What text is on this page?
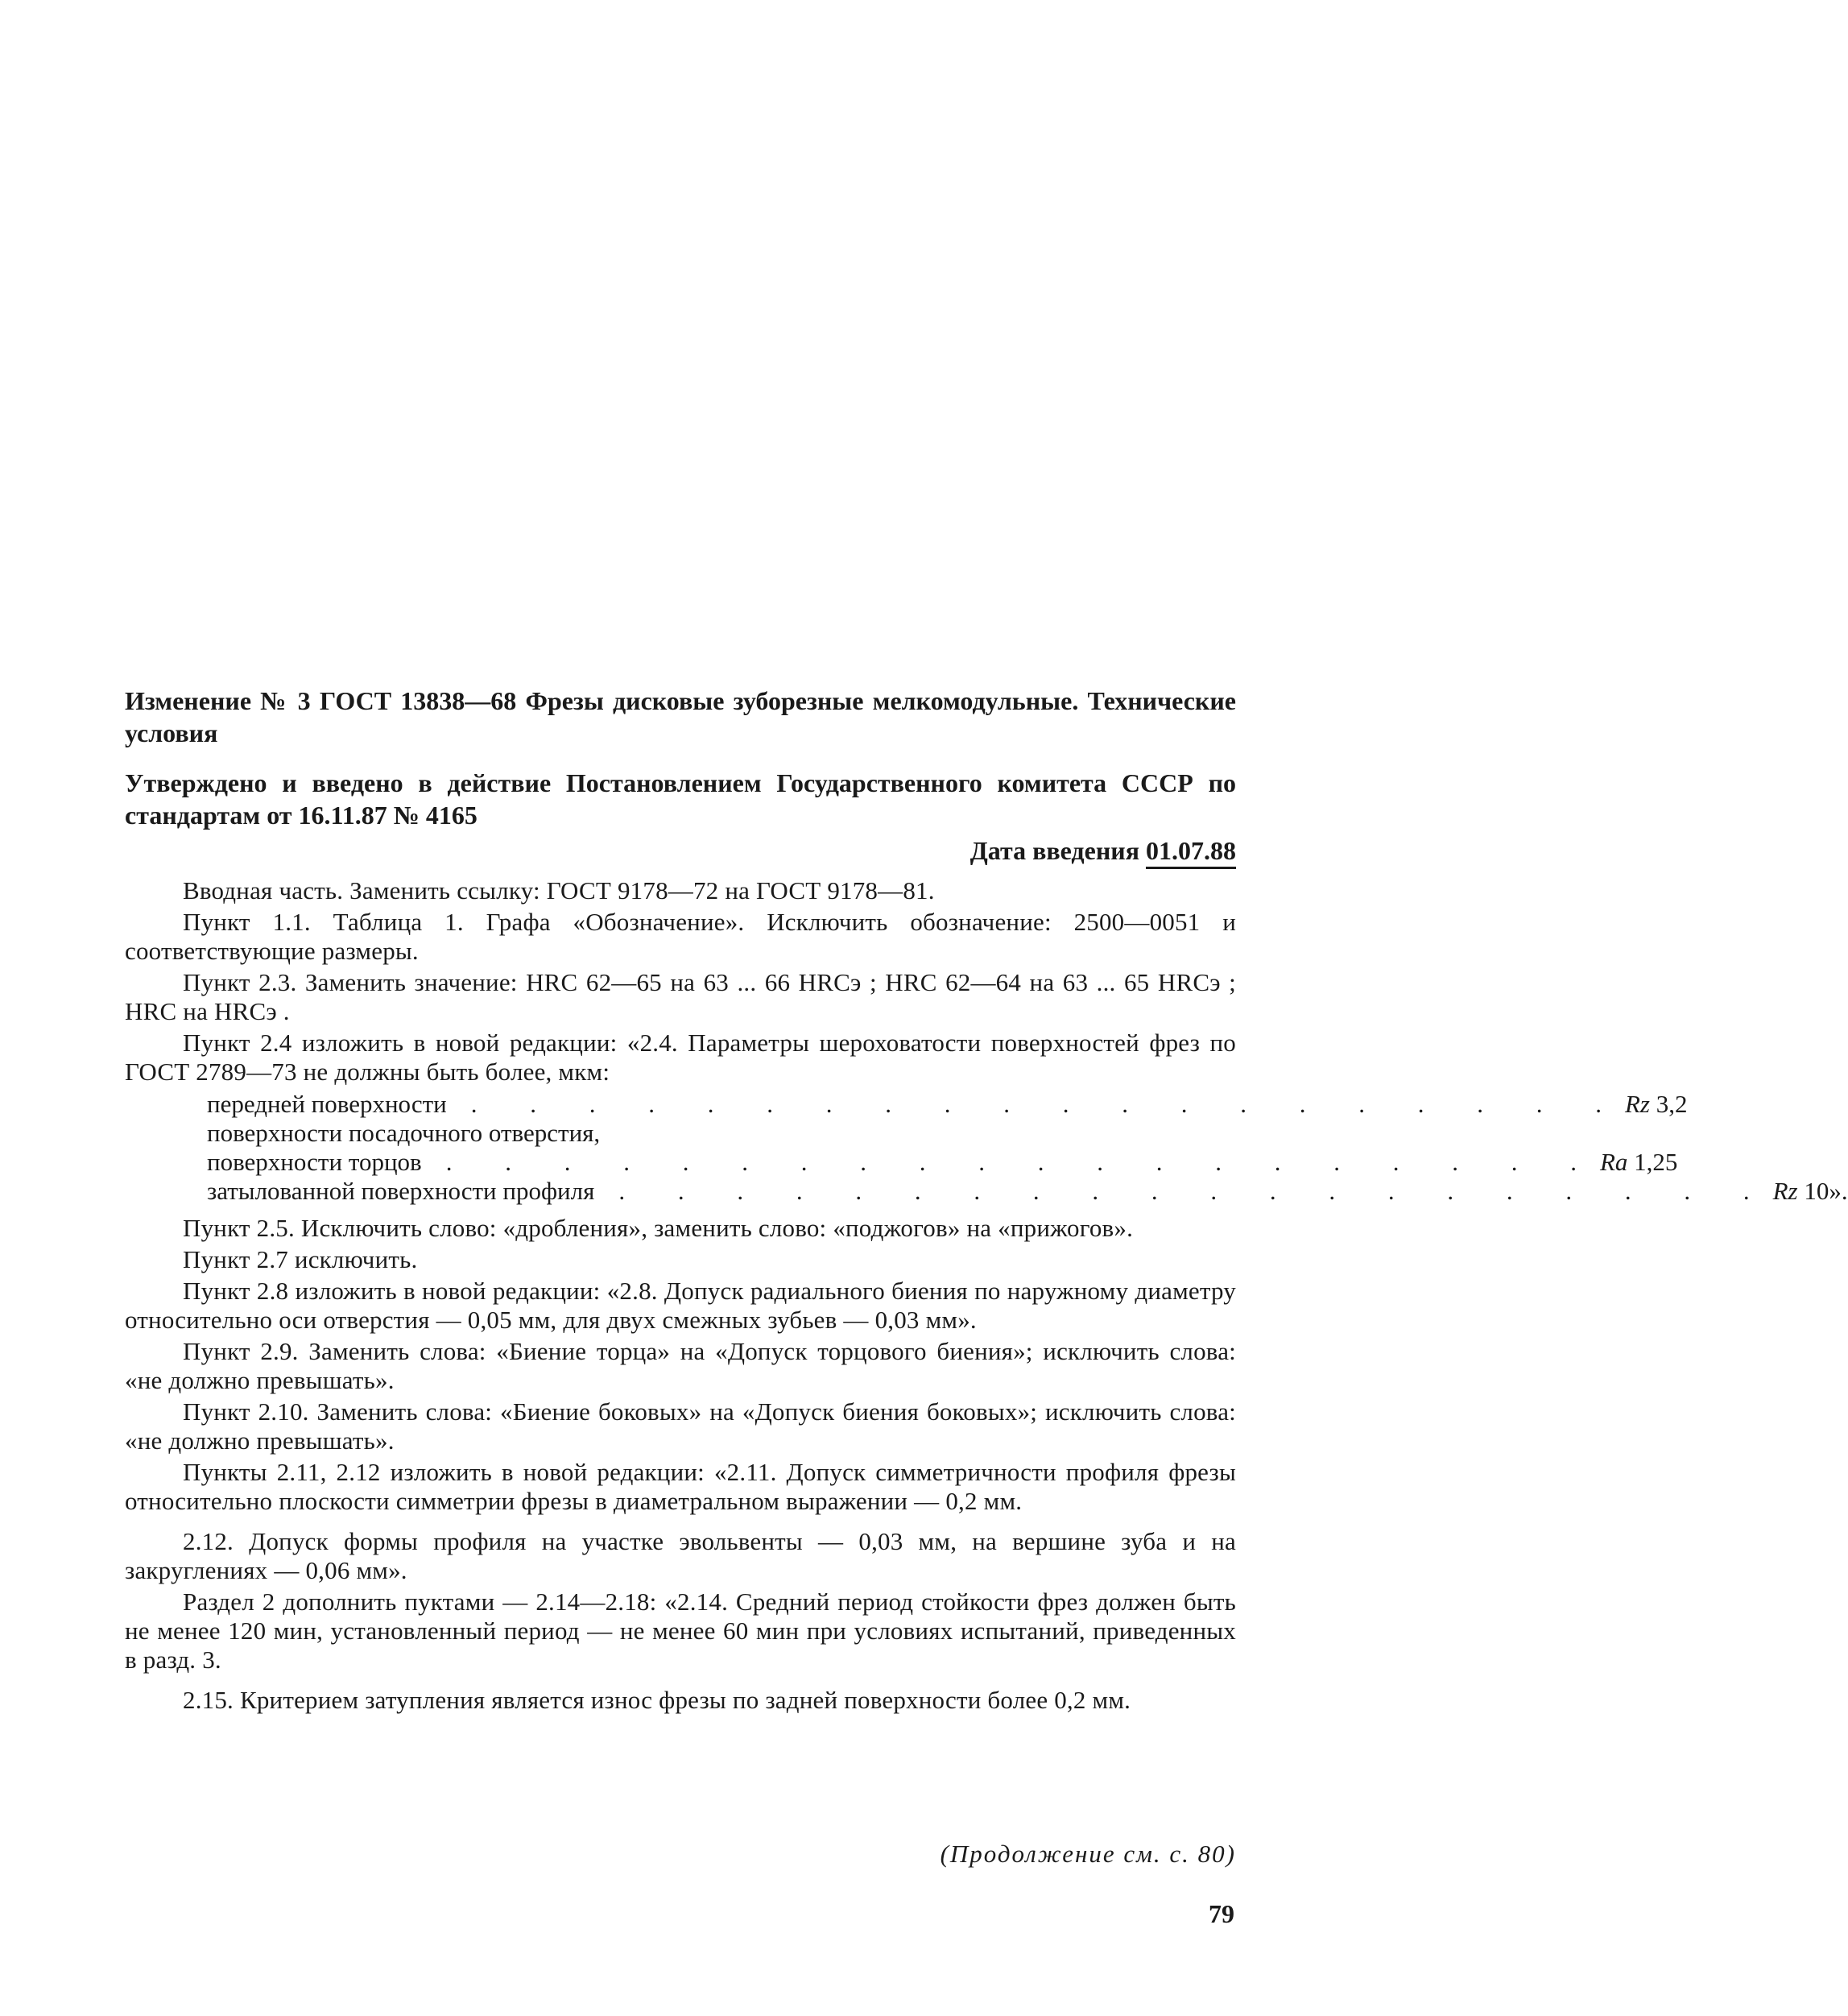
Изменение № 3 ГОСТ 13838—68 Фрезы дисковые зуборезные мелкомодульные. Технические условия

Утверждено и введено в действие Постановлением Государственного комитета СССР по стандартам от 16.11.87 № 4165

Дата введения 01.07.88

Вводная часть. Заменить ссылку: ГОСТ 9178—72 на ГОСТ 9178—81.

Пункт 1.1. Таблица 1. Графа «Обозначение». Исключить обозначение: 2500—0051 и соответствующие размеры.

Пункт 2.3. Заменить значение: HRC 62—65 на 63 ... 66 HRCэ ; HRC 62—64 на 63 ... 65 HRCэ ; HRC на HRCэ .

Пункт 2.4 изложить в новой редакции: «2.4. Параметры шероховатости поверхностей фрез по ГОСТ 2789—73 не должны быть более, мкм:

передней поверхности . . . . . . . . . . . . . . . . . . . . Rz 3,2
поверхности посадочного отверстия,
поверхности торцов . . . . . . . . . . . . . . . . . . . . Ra 1,25
затылованной поверхности профиля . . . . . . . . . . . . . . . . . . . . Rz 10».

Пункт 2.5. Исключить слово: «дробления», заменить слово: «поджогов» на «прижогов».

Пункт 2.7 исключить.

Пункт 2.8 изложить в новой редакции: «2.8. Допуск радиального биения по наружному диаметру относительно оси отверстия — 0,05 мм, для двух смежных зубьев — 0,03 мм».

Пункт 2.9. Заменить слова: «Биение торца» на «Допуск торцового биения»; исключить слова: «не должно превышать».

Пункт 2.10. Заменить слова: «Биение боковых» на «Допуск биения боковых»; исключить слова: «не должно превышать».

Пункты 2.11, 2.12 изложить в новой редакции: «2.11. Допуск симметричности профиля фрезы относительно плоскости симметрии фрезы в диаметральном выражении — 0,2 мм.

2.12. Допуск формы профиля на участке эвольвенты — 0,03 мм, на вершине зуба и на закруглениях — 0,06 мм».

Раздел 2 дополнить пуктами — 2.14—2.18: «2.14. Средний период стойкости фрез должен быть не менее 120 мин, установленный период — не менее 60 мин при условиях испытаний, приведенных в разд. 3.

2.15. Критерием затупления является износ фрезы по задней поверхности более 0,2 мм.

(Продолжение см. с. 80)
79
